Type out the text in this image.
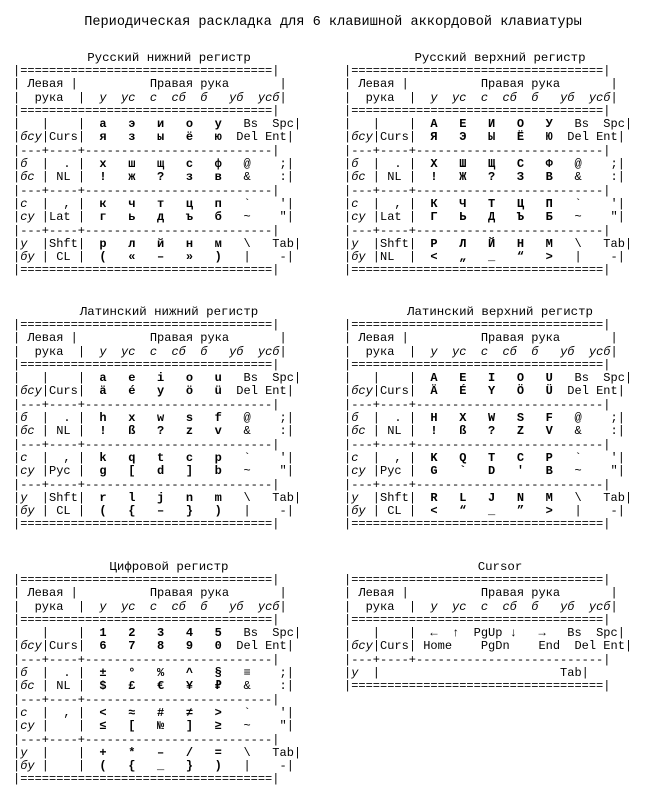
Периодическая раскладка для 6 клавишной аккордовой клавиатуры
Русский нижний регистр
|===================================|
| Левая |          Правая рука       |
|  рука  |  у  ус  с  сб  б   уб  усб|
|===================================|
|   |    |  а   э   и   о   у   Bs  Spc|
|бсу|Curs|  я   з   ы   ё   ю  Del Ent|
|---+----+--------------------------|
|б  |  . |  х   ш   щ   с   ф   @    ;|
|бс | NL |  !   ж   ?   з   в   &    :|
|---+----+--------------------------|
|с  |  , |  к   ч   т   ц   п   `    '|
|су |Lat |  г   ь   д   ъ   б   ~    "|
|---+----+--------------------------|
|у  |Shft|  р   л   й   н   м   \   Tab|
|бу | CL |  (   «   –   »   )   |    -|
|===================================|
Русский верхний регистр
|===================================|
| Левая |          Правая рука       |
|  рука  |  у  ус  с  сб  б   уб  усб|
|===================================|
|   |    |  А   Е   И   О   У   Bs  Spc|
|бсу|Curs|  Я   Э   Ы   Ё   Ю  Del Ent|
|---+----+--------------------------|
|б  |  . |  Х   Ш   Щ   С   Ф   @    ;|
|бс | NL |  !   Ж   ?   З   В   &    :|
|---+----+--------------------------|
|с  |  , |  К   Ч   Т   Ц   П   `    '|
|су |Lat |  Г   Ь   Д   Ъ   Б   ~    "|
|---+----+--------------------------|
|у  |Shft|  Р   Л   Й   Н   М   \   Tab|
|бу |NL  |  <   „   _   “   >   |    -|
|===================================|
Латинский нижний регистр
|===================================|
| Левая |          Правая рука       |
|  рука  |  у  ус  с  сб  б   уб  усб|
|===================================|
|   |    |  a   e   i   o   u   Bs  Spc|
|бсу|Curs|  ä   é   y   ö   ü  Del Ent|
|---+----+--------------------------|
|б  |  . |  h   x   w   s   f   @    ;|
|бс | NL |  !   ß   ?   z   v   &    :|
|---+----+--------------------------|
|с  |  , |  k   q   t   c   p   `    '|
|су |Рус |  g   [   d   ]   b   ~    "|
|---+----+--------------------------|
|у  |Shft|  r   l   j   n   m   \   Tab|
|бу | CL |  (   {   –   }   )   |    -|
|===================================|
Латинский верхний регистр
|===================================|
| Левая |          Правая рука       |
|  рука  |  у  ус  с  сб  б   уб  усб|
|===================================|
|   |    |  A   E   I   O   U   Bs  Spc|
|бсу|Curs|  Ä   É   Y   Ö   Ü  Del Ent|
|---+----+--------------------------|
|б  |  . |  H   X   W   S   F   @    ;|
|бс | NL |  !   ß   ?   Z   V   &    :|
|---+----+--------------------------|
|с  |  , |  K   Q   T   C   P   `    '|
|су |Рус |  G   `   D   ′   B   ~    "|
|---+----+--------------------------|
|у  |Shft|  R   L   J   N   M   \   Tab|
|бу | CL |  <   “   _   ”   >   |    -|
|===================================|
Цифровой регистр
|===================================|
| Левая |          Правая рука       |
|  рука  |  у  ус  с  сб  б   уб  усб|
|===================================|
|   |    |  1   2   3   4   5   Bs  Spc|
|бсу|Curs|  6   7   8   9   0  Del Ent|
|---+----+--------------------------|
|б  |  . |  ±   °   %   ^   §   ≡    ;|
|бс | NL |  $   £   €   ¥   ₽   &    :|
|---+----+--------------------------|
|с  |  , |  <   ≈   #   ≠   >   `    '|
|су |    |  ≤   [   №   ]   ≥   ~    "|
|---+----+--------------------------|
|у  |    |  +   *   –   /   =   \   Tab|
|бу |    |  (   {   _   }   )   |    -|
|===================================|
Cursor
|===================================|
| Левая |          Правая рука       |
|  рука  |  у  ус  с  сб  б   уб  усб|
|===================================|
|   |    |  ←  ↑  PgUp ↓   →   Bs  Spc|
|бсу|Curs| Home    PgDn    End  Del Ent|
|---+----+--------------------------|
|у  |                         Tab|
|===================================|
